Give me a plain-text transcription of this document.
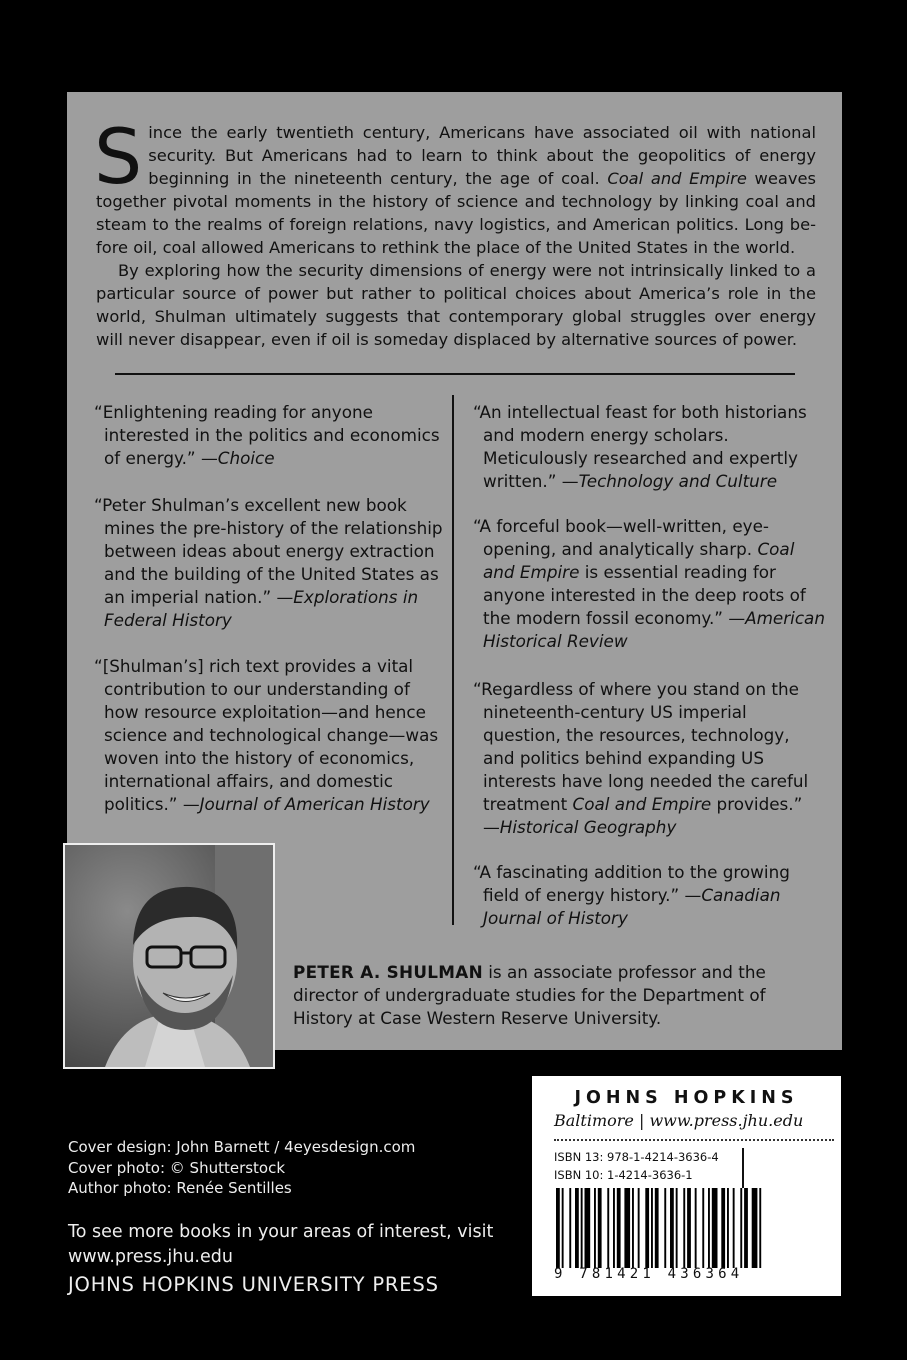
Since the early twentieth century, Americans have associated oil with national security. But Americans had to learn to think about the geopolitics of energy beginning in the nineteenth century, the age of coal. Coal and Empire weaves together pivotal moments in the history of science and technology by linking coal and steam to the realms of foreign relations, navy logistics, and American politics. Long before oil, coal allowed Americans to rethink the place of the United States in the world.

By exploring how the security dimensions of energy were not intrinsically linked to a particular source of power but rather to political choices about America’s role in the world, Shulman ultimately suggests that contemporary global struggles over energy will never disappear, even if oil is someday displaced by alternative sources of power.

“Enlightening reading for anyone interested in the politics and economics of energy.” —Choice

“Peter Shulman’s excellent new book mines the pre-history of the relationship between ideas about energy extraction and the building of the United States as an imperial nation.” —Explorations in Federal History

“[Shulman’s] rich text provides a vital contribution to our understanding of how resource exploitation—and hence science and technological change—was woven into the history of economics, international affairs, and domestic politics.” —Journal of American History

“An intellectual feast for both historians and modern energy scholars. Meticulously researched and expertly written.” —Technology and Culture

“A forceful book—well-written, eye-opening, and analytically sharp. Coal and Empire is essential reading for anyone interested in the deep roots of the modern fossil economy.” —American Historical Review

“Regardless of where you stand on the nineteenth-century US imperial question, the resources, technology, and politics behind expanding US interests have long needed the careful treatment Coal and Empire provides.” —Historical Geography

“A fascinating addition to the growing field of energy history.” —Canadian Journal of History

PETER A. SHULMAN is an associate professor and the director of undergraduate studies for the Department of History at Case Western Reserve University.

Cover design: John Barnett / 4eyesdesign.com
Cover photo: © Shutterstock
Author photo: Renée Sentilles
To see more books in your areas of interest, visit
www.press.jhu.edu
JOHNS HOPKINS UNIVERSITY PRESS
JOHNS HOPKINS
Baltimore | www.press.jhu.edu
ISBN 13: 978-1-4214-3636-4
ISBN 10: 1-4214-3636-1
9 781421 436364
